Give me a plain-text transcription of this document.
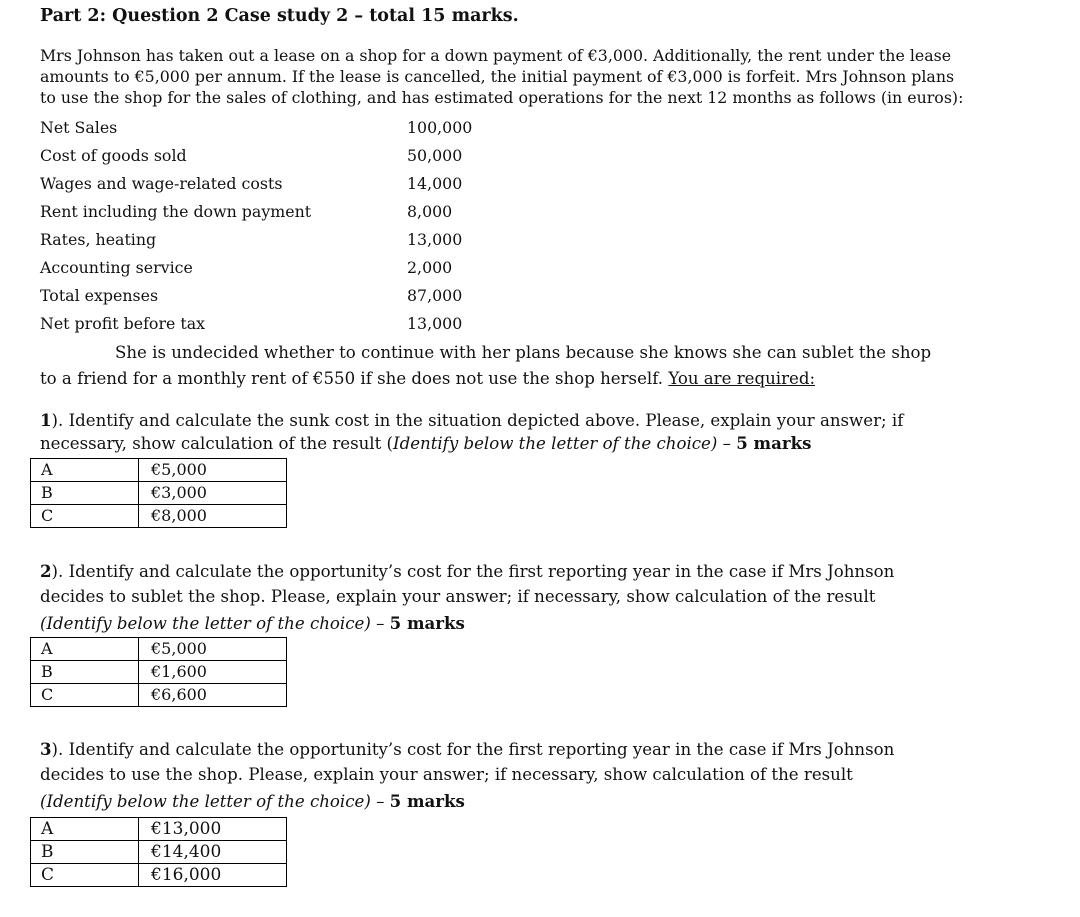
Part 2: Question 2 Case study 2 – total 15 marks.
Mrs Johnson has taken out a lease on a shop for a down payment of €3,000. Additionally, the rent under the lease
amounts to €5,000 per annum. If the lease is cancelled, the initial payment of €3,000 is forfeit. Mrs Johnson plans
to use the shop for the sales of clothing, and has estimated operations for the next 12 months as follows (in euros):
Net Sales	100,000
Cost of goods sold	50,000
Wages and wage-related costs	14,000
Rent including the down payment	8,000
Rates, heating	13,000
Accounting service	2,000
Total expenses	87,000
Net profit before tax	13,000
She is undecided whether to continue with her plans because she knows she can sublet the shop
to a friend for a monthly rent of €550 if she does not use the shop herself. You are required:
1). Identify and calculate the sunk cost in the situation depicted above. Please, explain your answer; if
necessary, show calculation of the result (Identify below the letter of the choice) – 5 marks
A	€5,000
B	€3,000
C	€8,000
2). Identify and calculate the opportunity’s cost for the first reporting year in the case if Mrs Johnson
decides to sublet the shop. Please, explain your answer; if necessary, show calculation of the result
(Identify below the letter of the choice) – 5 marks
A	€5,000
B	€1,600
C	€6,600
3). Identify and calculate the opportunity’s cost for the first reporting year in the case if Mrs Johnson
decides to use the shop. Please, explain your answer; if necessary, show calculation of the result
(Identify below the letter of the choice) – 5 marks
A	€13,000
B	€14,400
C	€16,000
